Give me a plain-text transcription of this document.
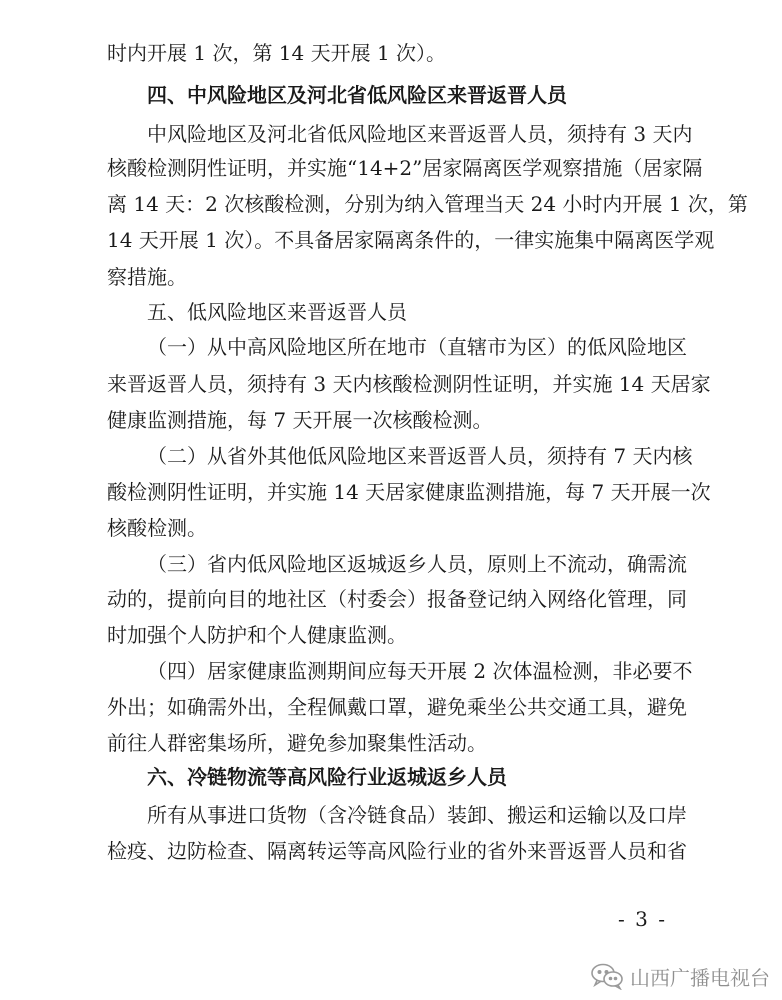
时内开展 1 次，第 14 天开展 1 次）。
四、中风险地区及河北省低风险区来晋返晋人员
中风险地区及河北省低风险地区来晋返晋人员，须持有 3 天内
核酸检测阴性证明，并实施“14+2”居家隔离医学观察措施（居家隔
离 14 天：2 次核酸检测，分别为纳入管理当天 24 小时内开展 1 次，第
14 天开展 1 次）。不具备居家隔离条件的，一律实施集中隔离医学观
察措施。
五、低风险地区来晋返晋人员
（一）从中高风险地区所在地市（直辖市为区）的低风险地区
来晋返晋人员，须持有 3 天内核酸检测阴性证明，并实施 14 天居家
健康监测措施，每 7 天开展一次核酸检测。
（二）从省外其他低风险地区来晋返晋人员，须持有 7 天内核
酸检测阴性证明，并实施 14 天居家健康监测措施，每 7 天开展一次
核酸检测。
（三）省内低风险地区返城返乡人员，原则上不流动，确需流
动的，提前向目的地社区（村委会）报备登记纳入网络化管理，同
时加强个人防护和个人健康监测。
（四）居家健康监测期间应每天开展 2 次体温检测，非必要不
外出；如确需外出，全程佩戴口罩，避免乘坐公共交通工具，避免
前往人群密集场所，避免参加聚集性活动。
六、冷链物流等高风险行业返城返乡人员
所有从事进口货物（含冷链食品）装卸、搬运和运输以及口岸
检疫、边防检查、隔离转运等高风险行业的省外来晋返晋人员和省
- 3 -
山西广播电视台
